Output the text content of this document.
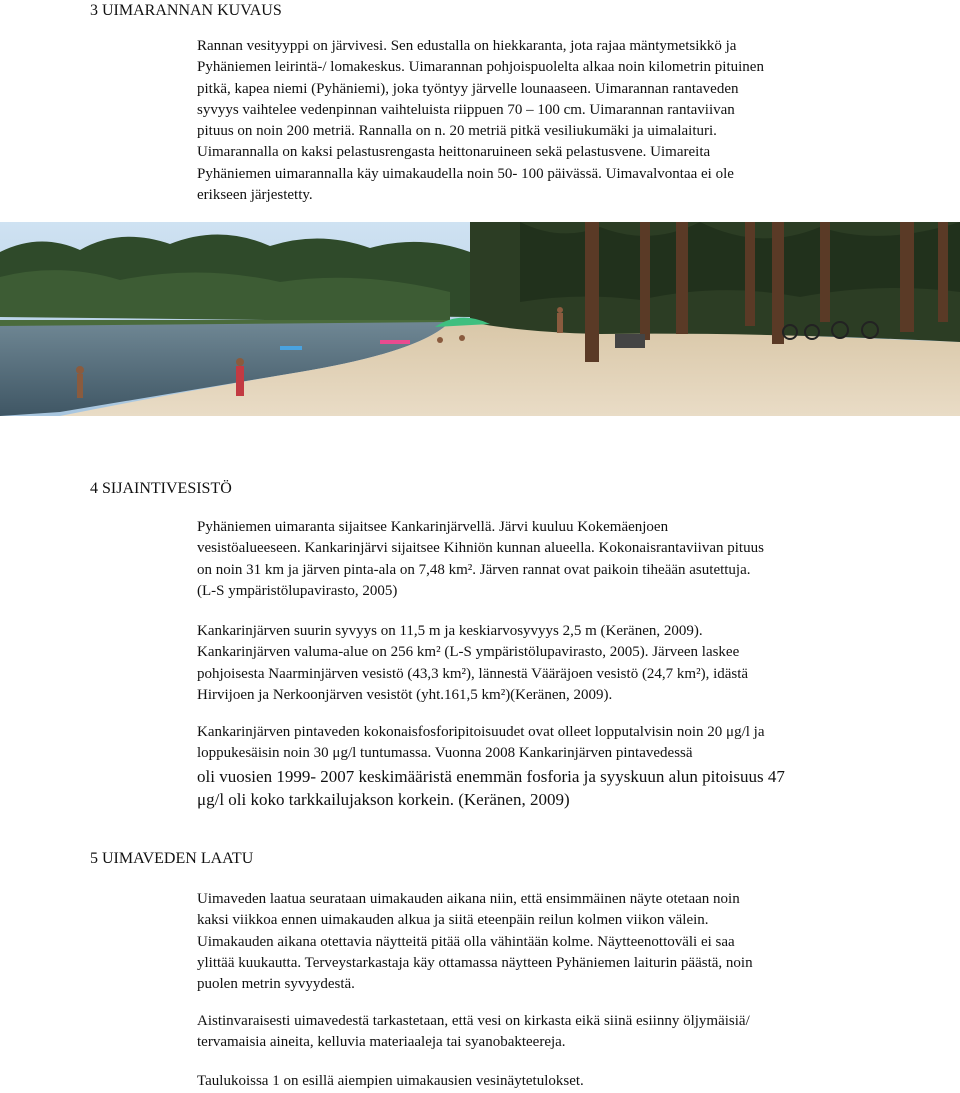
3 UIMARANNAN KUVAUS

Rannan vesityyppi on järvivesi. Sen edustalla on hiekkaranta, jota rajaa mäntymetsikkö ja
Pyhäniemen leirintä-/ lomakeskus. Uimarannan pohjoispuolelta alkaa noin kilometrin pituinen
pitkä, kapea niemi (Pyhäniemi), joka työntyy järvelle lounaaseen. Uimarannan rantaveden
syvyys vaihtelee vedenpinnan vaihteluista riippuen 70 – 100 cm. Uimarannan rantaviivan
pituus on noin 200 metriä. Rannalla on n. 20 metriä pitkä vesiliukumäki ja uimalaituri.
Uimarannalla on kaksi pelastusrengasta heittonaruineen sekä pelastusvene. Uimareita
Pyhäniemen uimarannalla käy uimakaudella noin 50- 100 päivässä. Uimavalvontaa ei ole
erikseen järjestetty.

4 SIJAINTIVESISTÖ

Pyhäniemen uimaranta sijaitsee Kankarinjärvellä. Järvi kuuluu Kokemäenjoen
vesistöalueeseen. Kankarinjärvi sijaitsee Kihniön kunnan alueella. Kokonaisrantaviivan pituus
on noin 31 km ja järven pinta-ala on 7,48 km². Järven rannat ovat paikoin tiheään asutettuja.
(L-S ympäristölupavirasto, 2005)

Kankarinjärven suurin syvyys on 11,5 m ja keskiarvosyvyys 2,5 m (Keränen, 2009).
Kankarinjärven valuma-alue on 256 km² (L-S ympäristölupavirasto, 2005). Järveen laskee
pohjoisesta Naarminjärven vesistö (43,3 km²), lännestä Vääräjoen vesistö (24,7 km²), idästä
Hirvijoen ja Nerkoonjärven vesistöt (yht.161,5 km²)(Keränen, 2009).

Kankarinjärven pintaveden kokonaisfosforipitoisuudet ovat olleet lopputalvisin noin 20 μg/l ja
loppukesäisin noin 30 μg/l tuntumassa. Vuonna 2008 Kankarinjärven pintavedessä
oli vuosien 1999- 2007 keskimääristä enemmän fosforia ja syyskuun alun pitoisuus 47
μg/l oli koko tarkkailujakson korkein. (Keränen, 2009)

5 UIMAVEDEN LAATU

Uimaveden laatua seurataan uimakauden aikana niin, että ensimmäinen näyte otetaan noin
kaksi viikkoa ennen uimakauden alkua ja siitä eteenpäin reilun kolmen viikon välein.
Uimakauden aikana otettavia näytteitä pitää olla vähintään kolme. Näytteenottoväli ei saa
ylittää kuukautta. Terveystarkastaja käy ottamassa näytteen Pyhäniemen laiturin päästä, noin
puolen metrin syvyydestä.

Aistinvaraisesti uimavedestä tarkastetaan, että vesi on kirkasta eikä siinä esiinny öljymäisiä/
tervamaisia aineita, kelluvia materiaaleja tai syanobakteereja.

Taulukoissa 1 on esillä aiempien uimakausien vesinäytetulokset.
